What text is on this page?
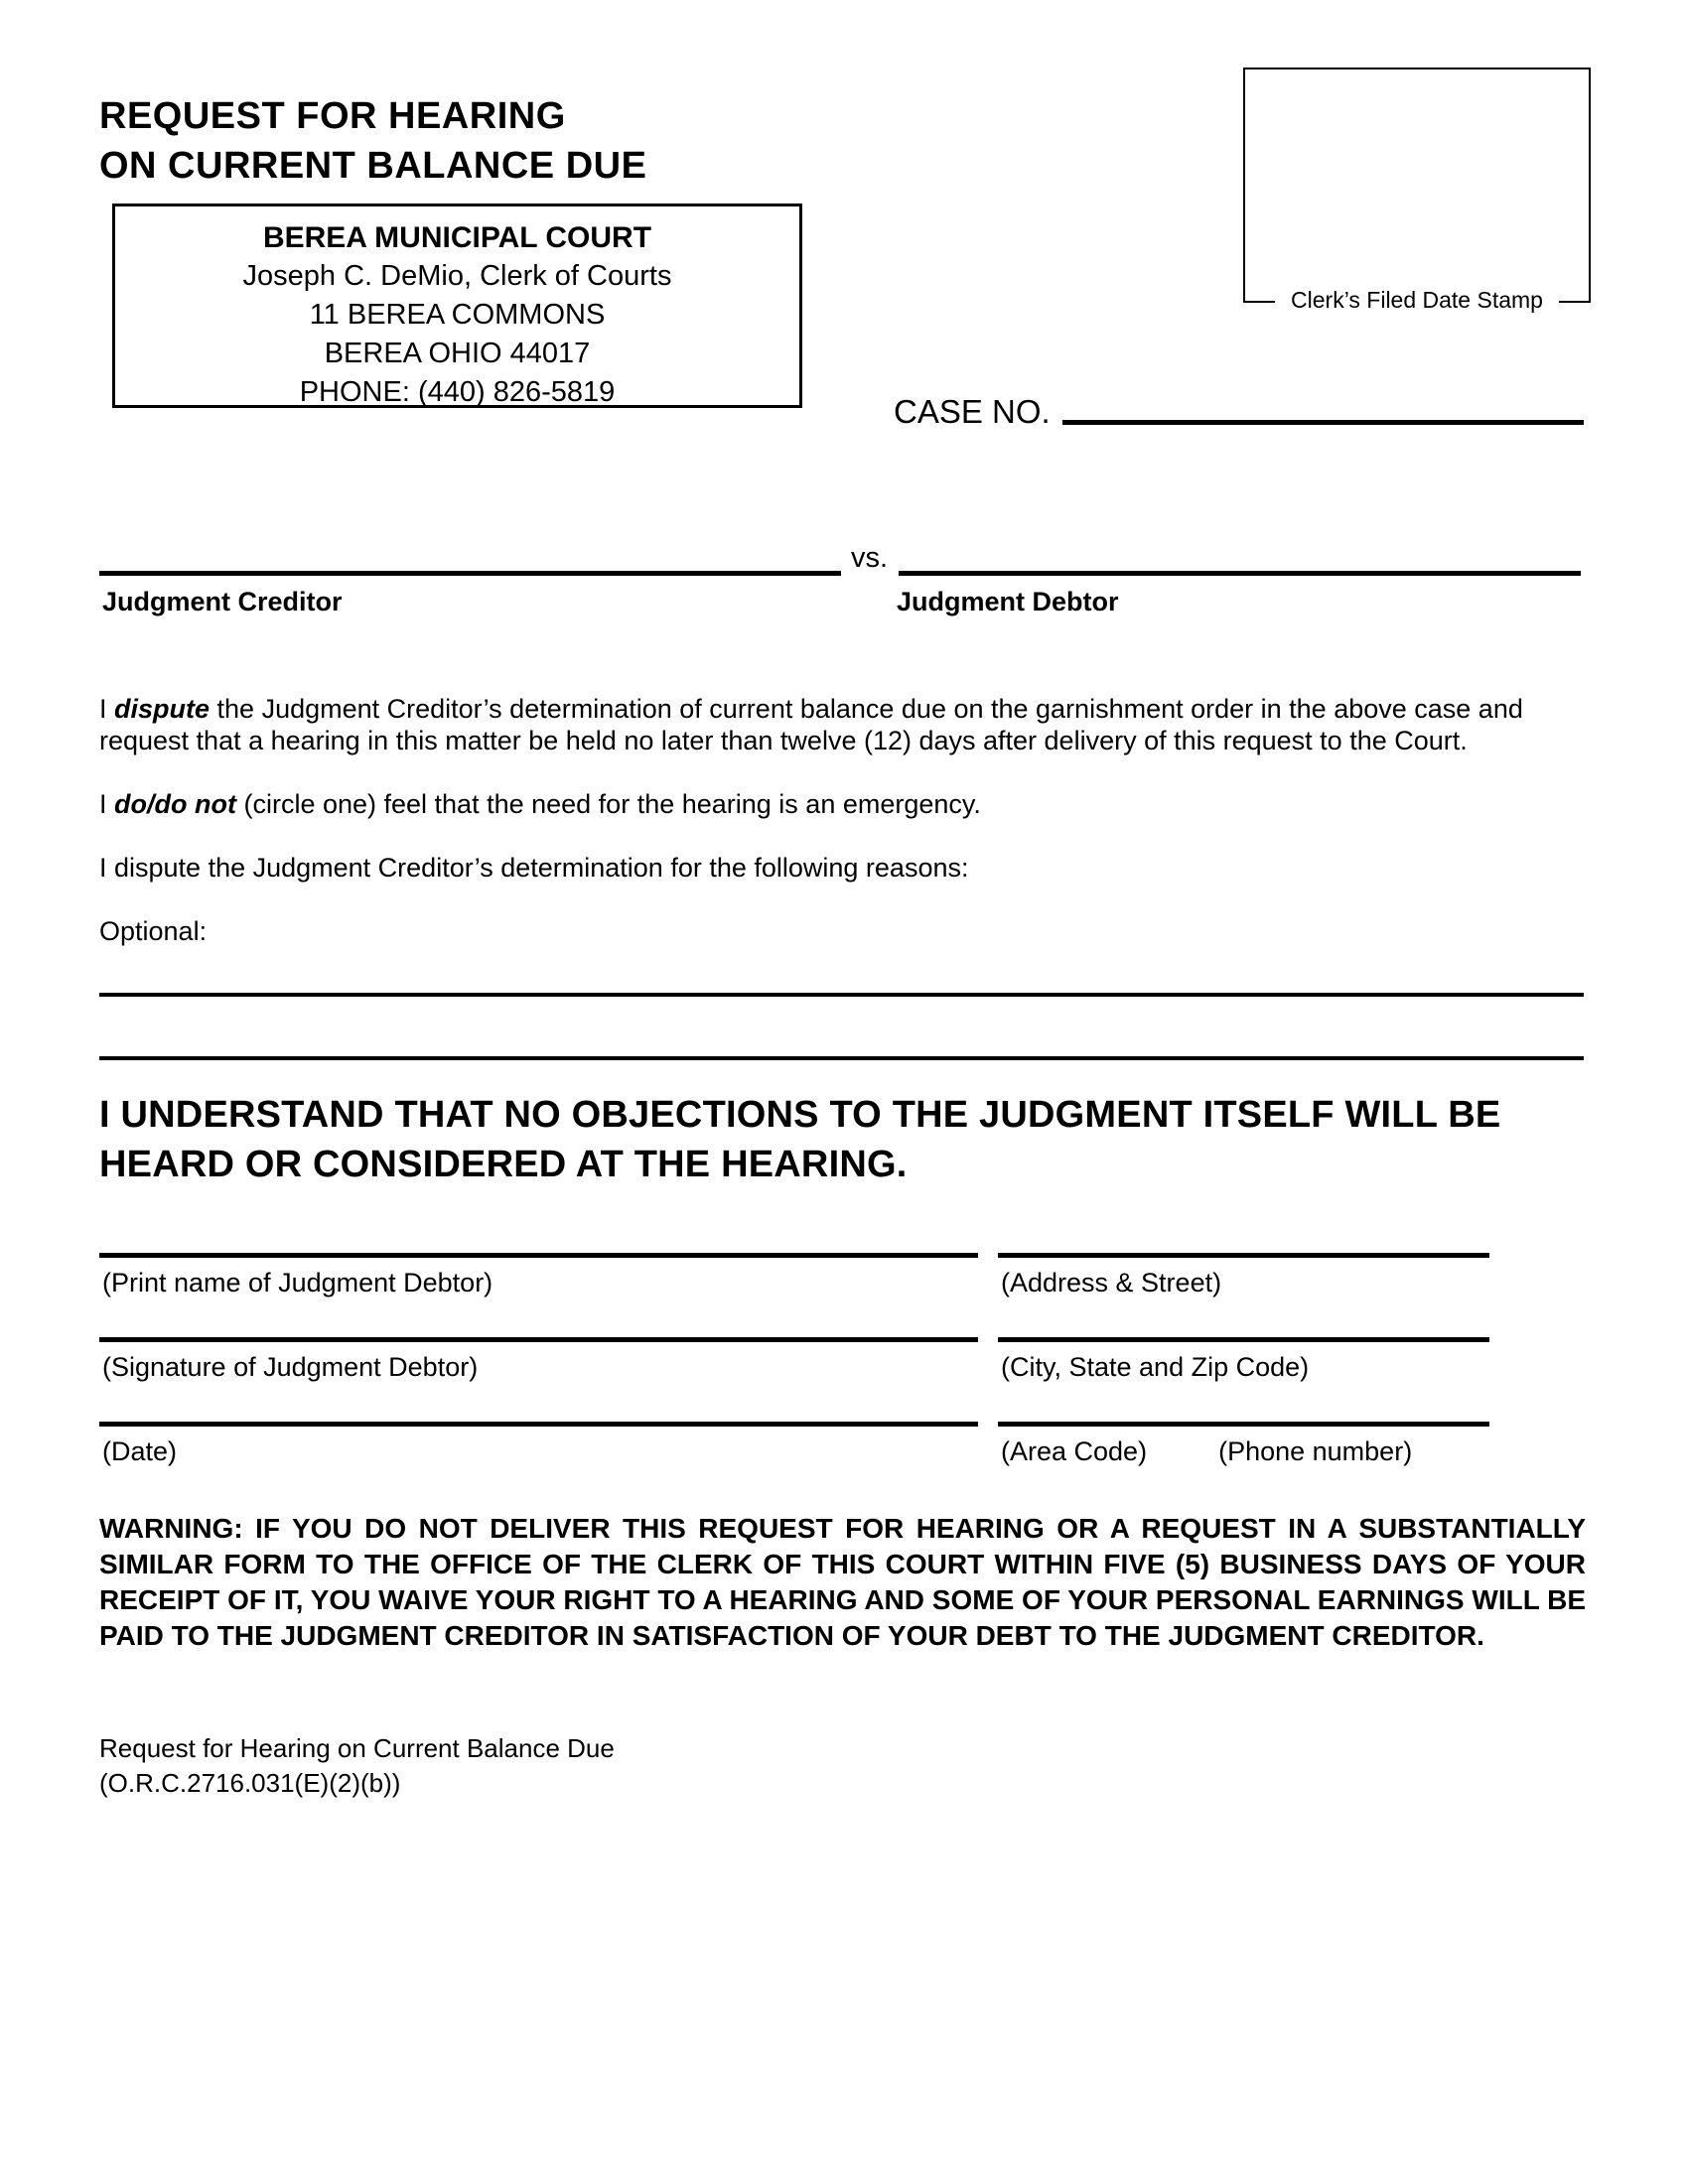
REQUEST FOR HEARING
ON CURRENT BALANCE DUE
BEREA MUNICIPAL COURT
Joseph C. DeMio, Clerk of Courts
11 BEREA COMMONS
BEREA OHIO 44017
PHONE: (440) 826-5819
Clerk’s Filed Date Stamp
CASE NO.
vs.
Judgment Creditor	Judgment Debtor

I dispute the Judgment Creditor’s determination of current balance due on the garnishment order in the above case and request that a hearing in this matter be held no later than twelve (12) days after delivery of this request to the Court.

I do/do not (circle one) feel that the need for the hearing is an emergency.

I dispute the Judgment Creditor’s determination for the following reasons:

Optional:

I UNDERSTAND THAT NO OBJECTIONS TO THE JUDGMENT ITSELF WILL BE
HEARD OR CONSIDERED AT THE HEARING.
(Print name of Judgment Debtor)	(Address & Street)
(Signature of Judgment Debtor)	(City, State and Zip Code)
(Date)	(Area Code)	(Phone number)
WARNING: IF YOU DO NOT DELIVER THIS REQUEST FOR HEARING OR A REQUEST IN A SUBSTANTIALLY SIMILAR FORM TO THE OFFICE OF THE CLERK OF THIS COURT WITHIN FIVE (5) BUSINESS DAYS OF YOUR RECEIPT OF IT, YOU WAIVE YOUR RIGHT TO A HEARING AND SOME OF YOUR PERSONAL EARNINGS WILL BE PAID TO THE JUDGMENT CREDITOR IN SATISFACTION OF YOUR DEBT TO THE JUDGMENT CREDITOR.
Request for Hearing on Current Balance Due
(O.R.C.2716.031(E)(2)(b))
